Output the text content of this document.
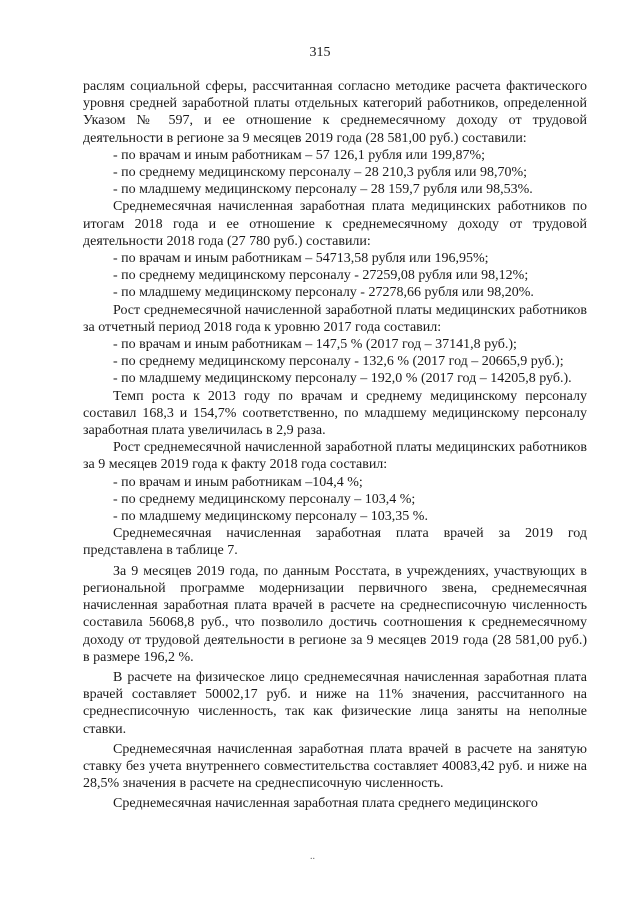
315

раслям социальной сферы, рассчитанная согласно методике расчета фактического уровня средней заработной платы отдельных категорий работников, определенной Указом № 597, и ее отношение к среднемесячному доходу от трудовой деятельности в регионе за 9 месяцев 2019 года (28 581,00 руб.) составили:

- по врачам и иным работникам – 57 126,1 рубля или 199,87%;

- по среднему медицинскому персоналу – 28 210,3 рубля или 98,70%;

- по младшему медицинскому персоналу – 28 159,7 рубля или 98,53%.

Среднемесячная начисленная заработная плата медицинских работников по итогам 2018 года и ее отношение к среднемесячному доходу от трудовой деятельности 2018 года (27 780 руб.) составили:

- по врачам и иным работникам – 54713,58 рубля или 196,95%;

- по среднему медицинскому персоналу - 27259,08 рубля или 98,12%;

- по младшему медицинскому персоналу - 27278,66 рубля или 98,20%.

Рост среднемесячной начисленной заработной платы медицинских работников за отчетный период 2018 года к уровню 2017 года составил:

- по врачам и иным работникам – 147,5 % (2017 год – 37141,8 руб.);

- по среднему медицинскому персоналу - 132,6 % (2017 год – 20665,9 руб.);

- по младшему медицинскому персоналу – 192,0 % (2017 год – 14205,8 руб.).

Темп роста к 2013 году по врачам и среднему медицинскому персоналу составил 168,3 и 154,7% соответственно, по младшему медицинскому персоналу заработная плата увеличилась в 2,9 раза.

Рост среднемесячной начисленной заработной платы медицинских работников за 9 месяцев 2019 года к факту 2018 года составил:

- по врачам и иным работникам –104,4 %;

- по среднему медицинскому персоналу – 103,4 %;

- по младшему медицинскому персоналу – 103,35 %.

Среднемесячная начисленная заработная плата врачей за 2019 год представлена в таблице 7.

За 9 месяцев 2019 года, по данным Росстата, в учреждениях, участвующих в региональной программе модернизации первичного звена, среднемесячная начисленная заработная плата врачей в расчете на среднесписочную численность составила 56068,8 руб., что позволило достичь соотношения к среднемесячному доходу от трудовой деятельности в регионе за 9 месяцев 2019 года (28 581,00 руб.) в размере 196,2 %.

В расчете на физическое лицо среднемесячная начисленная заработная плата врачей составляет 50002,17 руб. и ниже на 11% значения, рассчитанного на среднесписочную численность, так как физические лица заняты на неполные ставки.

Среднемесячная начисленная заработная плата врачей в расчете на занятую ставку без учета внутреннего совместительства составляет 40083,42 руб. и ниже на 28,5% значения в расчете на среднесписочную численность.

Среднемесячная начисленная заработная плата среднего медицинского

..
